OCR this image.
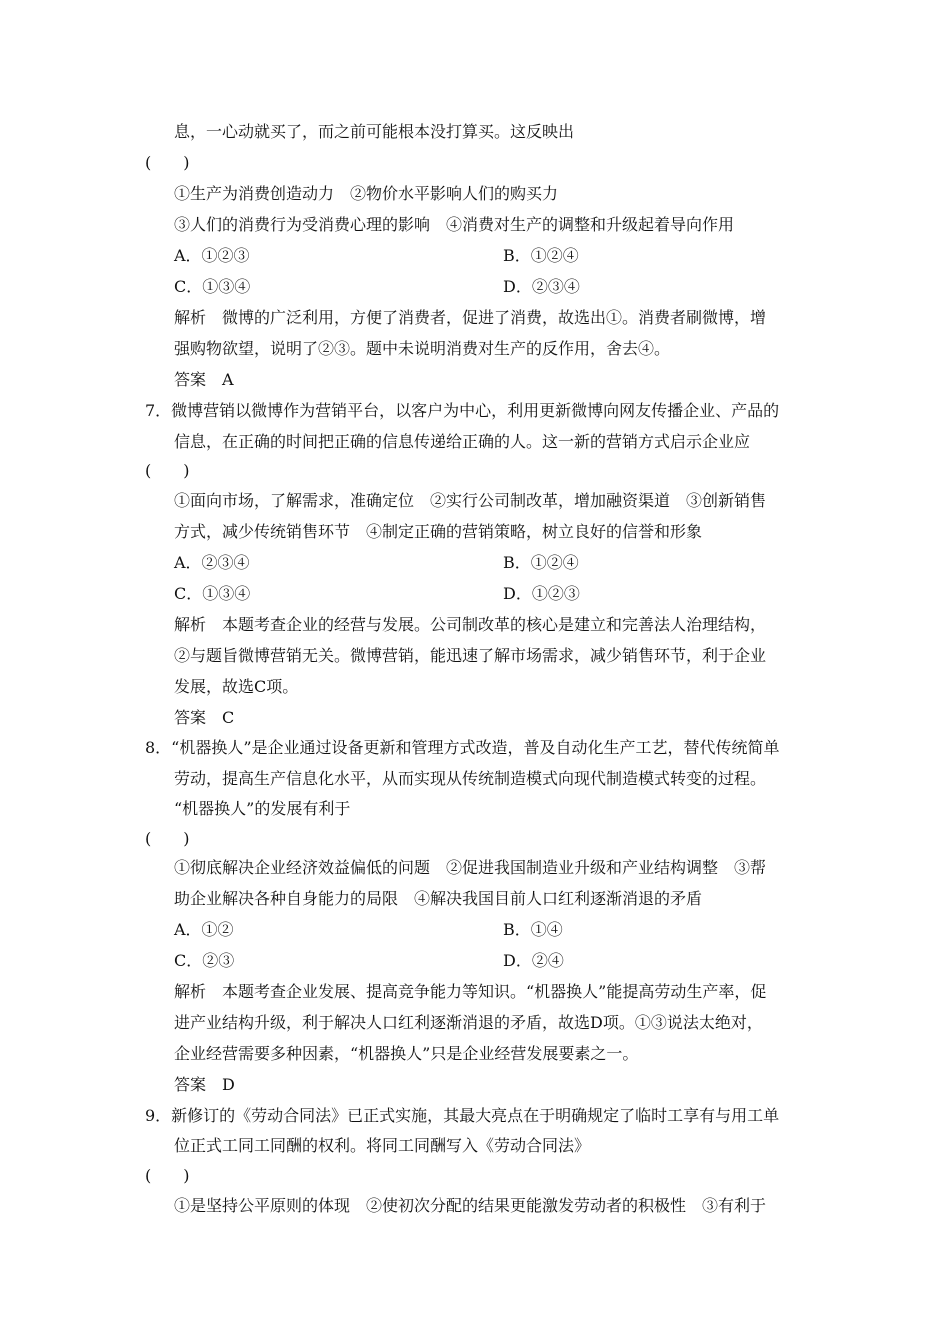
息，一心动就买了，而之前可能根本没打算买。这反映出
(　　)
①生产为消费创造动力　②物价水平影响人们的购买力
③人们的消费行为受消费心理的影响　④消费对生产的调整和升级起着导向作用
A．①②③	B．①②④
C．①③④	D．②③④
解析　微博的广泛利用，方便了消费者，促进了消费，故选出①。消费者刷微博，增
强购物欲望，说明了②③。题中未说明消费对生产的反作用，舍去④。
答案　A
7．微博营销以微博作为营销平台，以客户为中心，利用更新微博向网友传播企业、产品的
信息，在正确的时间把正确的信息传递给正确的人。这一新的营销方式启示企业应
(　　)
①面向市场，了解需求，准确定位　②实行公司制改革，增加融资渠道　③创新销售
方式，减少传统销售环节　④制定正确的营销策略，树立良好的信誉和形象
A．②③④	B．①②④
C．①③④	D．①②③
解析　本题考查企业的经营与发展。公司制改革的核心是建立和完善法人治理结构，
②与题旨微博营销无关。微博营销，能迅速了解市场需求，减少销售环节，利于企业
发展，故选C项。
答案　C
8．“机器换人”是企业通过设备更新和管理方式改造，普及自动化生产工艺，替代传统简单
劳动，提高生产信息化水平，从而实现从传统制造模式向现代制造模式转变的过程。
“机器换人”的发展有利于
(　　)
①彻底解决企业经济效益偏低的问题　②促进我国制造业升级和产业结构调整　③帮
助企业解决各种自身能力的局限　④解决我国目前人口红利逐渐消退的矛盾
A．①②	B．①④
C．②③	D．②④
解析　本题考查企业发展、提高竞争能力等知识。“机器换人”能提高劳动生产率，促
进产业结构升级，利于解决人口红利逐渐消退的矛盾，故选D项。①③说法太绝对，
企业经营需要多种因素，“机器换人”只是企业经营发展要素之一。
答案　D
9．新修订的《劳动合同法》已正式实施，其最大亮点在于明确规定了临时工享有与用工单
位正式工同工同酬的权利。将同工同酬写入《劳动合同法》
(　　)
①是坚持公平原则的体现　②使初次分配的结果更能激发劳动者的积极性　③有利于
